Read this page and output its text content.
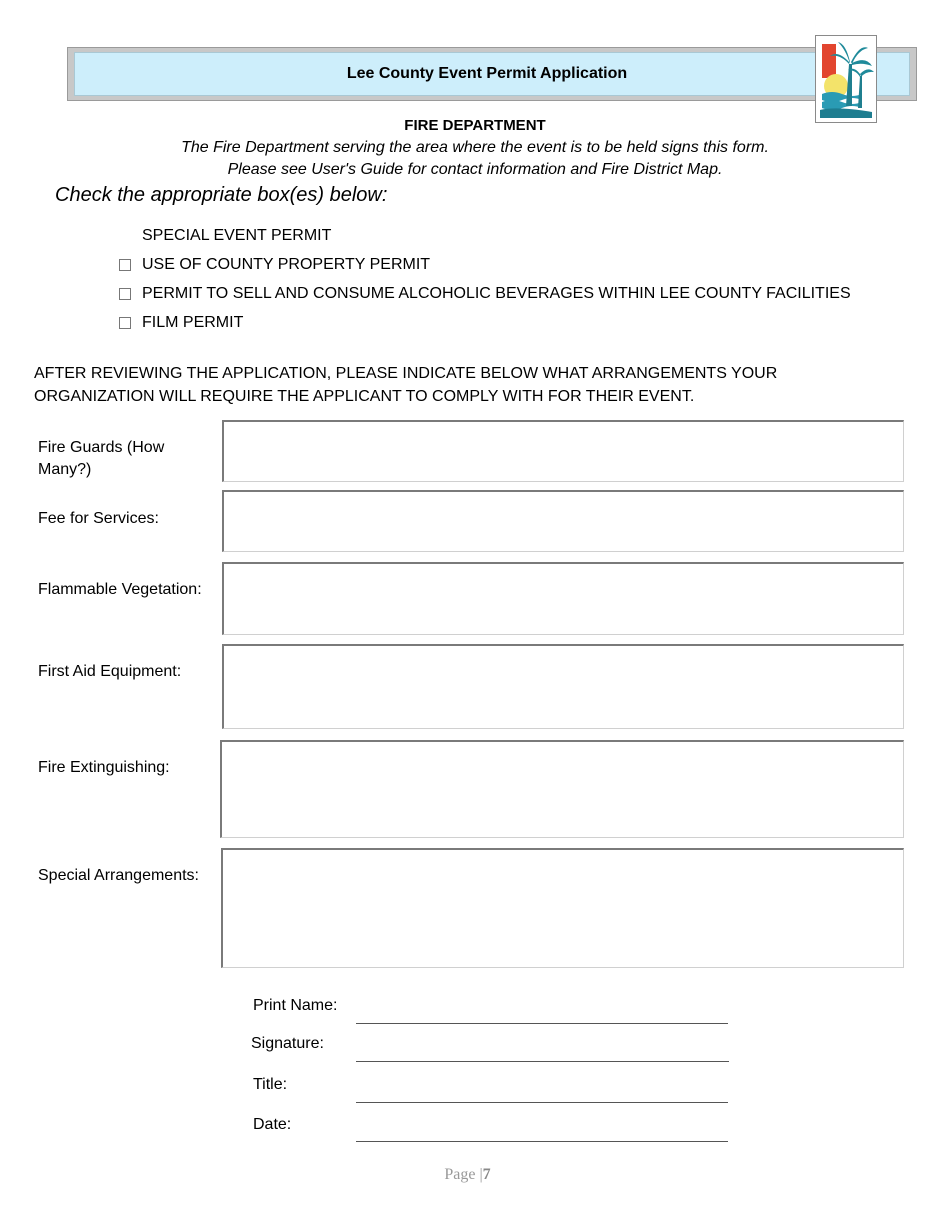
Lee County Event Permit Application
FIRE DEPARTMENT
The Fire Department serving the area where the event is to be held signs this form.
Please see User's Guide for contact information and Fire District Map.
Check the appropriate box(es) below:
SPECIAL EVENT PERMIT
USE OF COUNTY PROPERTY PERMIT
PERMIT TO SELL AND CONSUME ALCOHOLIC BEVERAGES WITHIN LEE COUNTY FACILITIES
FILM PERMIT
AFTER REVIEWING THE APPLICATION, PLEASE INDICATE BELOW WHAT ARRANGEMENTS YOUR
ORGANIZATION WILL REQUIRE THE APPLICANT TO COMPLY WITH FOR THEIR EVENT.
Fire Guards (How
Many?)
Fee for Services:
Flammable Vegetation:
First Aid Equipment:
Fire Extinguishing:
Special Arrangements:
Print Name:
Signature:
Title:
Date:
Page |7
